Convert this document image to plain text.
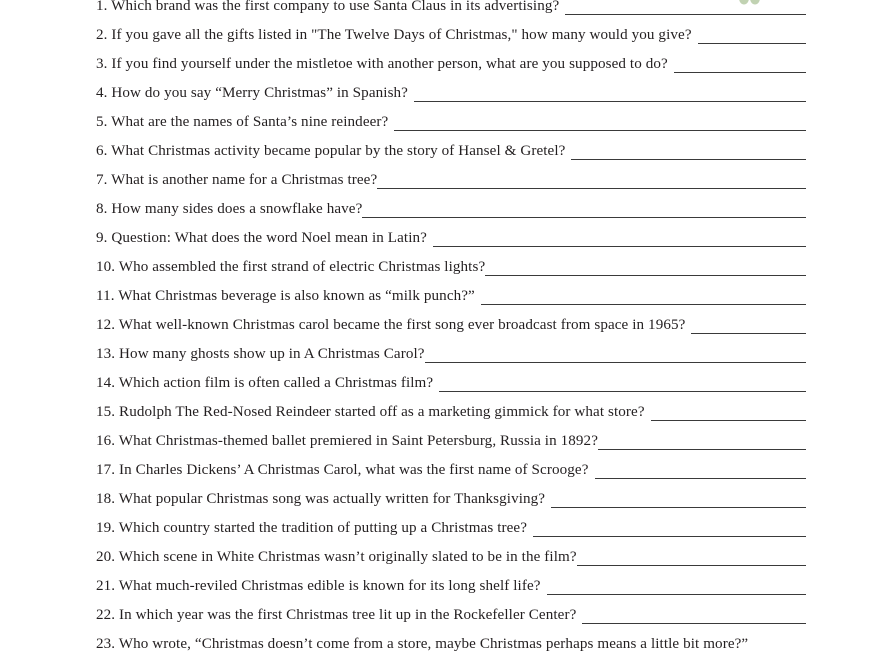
1. Which brand was the first company to use Santa Claus in its advertising?
2. If you gave all the gifts listed in "The Twelve Days of Christmas," how many would you give?
3. If you find yourself under the mistletoe with another person, what are you supposed to do?
4. How do you say “Merry Christmas” in Spanish?
5. What are the names of Santa’s nine reindeer?
6. What Christmas activity became popular by the story of Hansel & Gretel?
7. What is another name for a Christmas tree?
8. How many sides does a snowflake have?
9. Question: What does the word Noel mean in Latin?
10. Who assembled the first strand of electric Christmas lights?
11. What Christmas beverage is also known as “milk punch?”
12. What well-known Christmas carol became the first song ever broadcast from space in 1965?
13. How many ghosts show up in A Christmas Carol?
14. Which action film is often called a Christmas film?
15. Rudolph The Red-Nosed Reindeer started off as a marketing gimmick for what store?
16. What Christmas-themed ballet premiered in Saint Petersburg, Russia in 1892?
17. In Charles Dickens’ A Christmas Carol, what was the first name of Scrooge?
18. What popular Christmas song was actually written for Thanksgiving?
19. Which country started the tradition of putting up a Christmas tree?
20. Which scene in White Christmas wasn’t originally slated to be in the film?
21. What much-reviled Christmas edible is known for its long shelf life?
22. In which year was the first Christmas tree lit up in the Rockefeller Center?
23. Who wrote, “Christmas doesn’t come from a store, maybe Christmas perhaps means a little bit more?”
